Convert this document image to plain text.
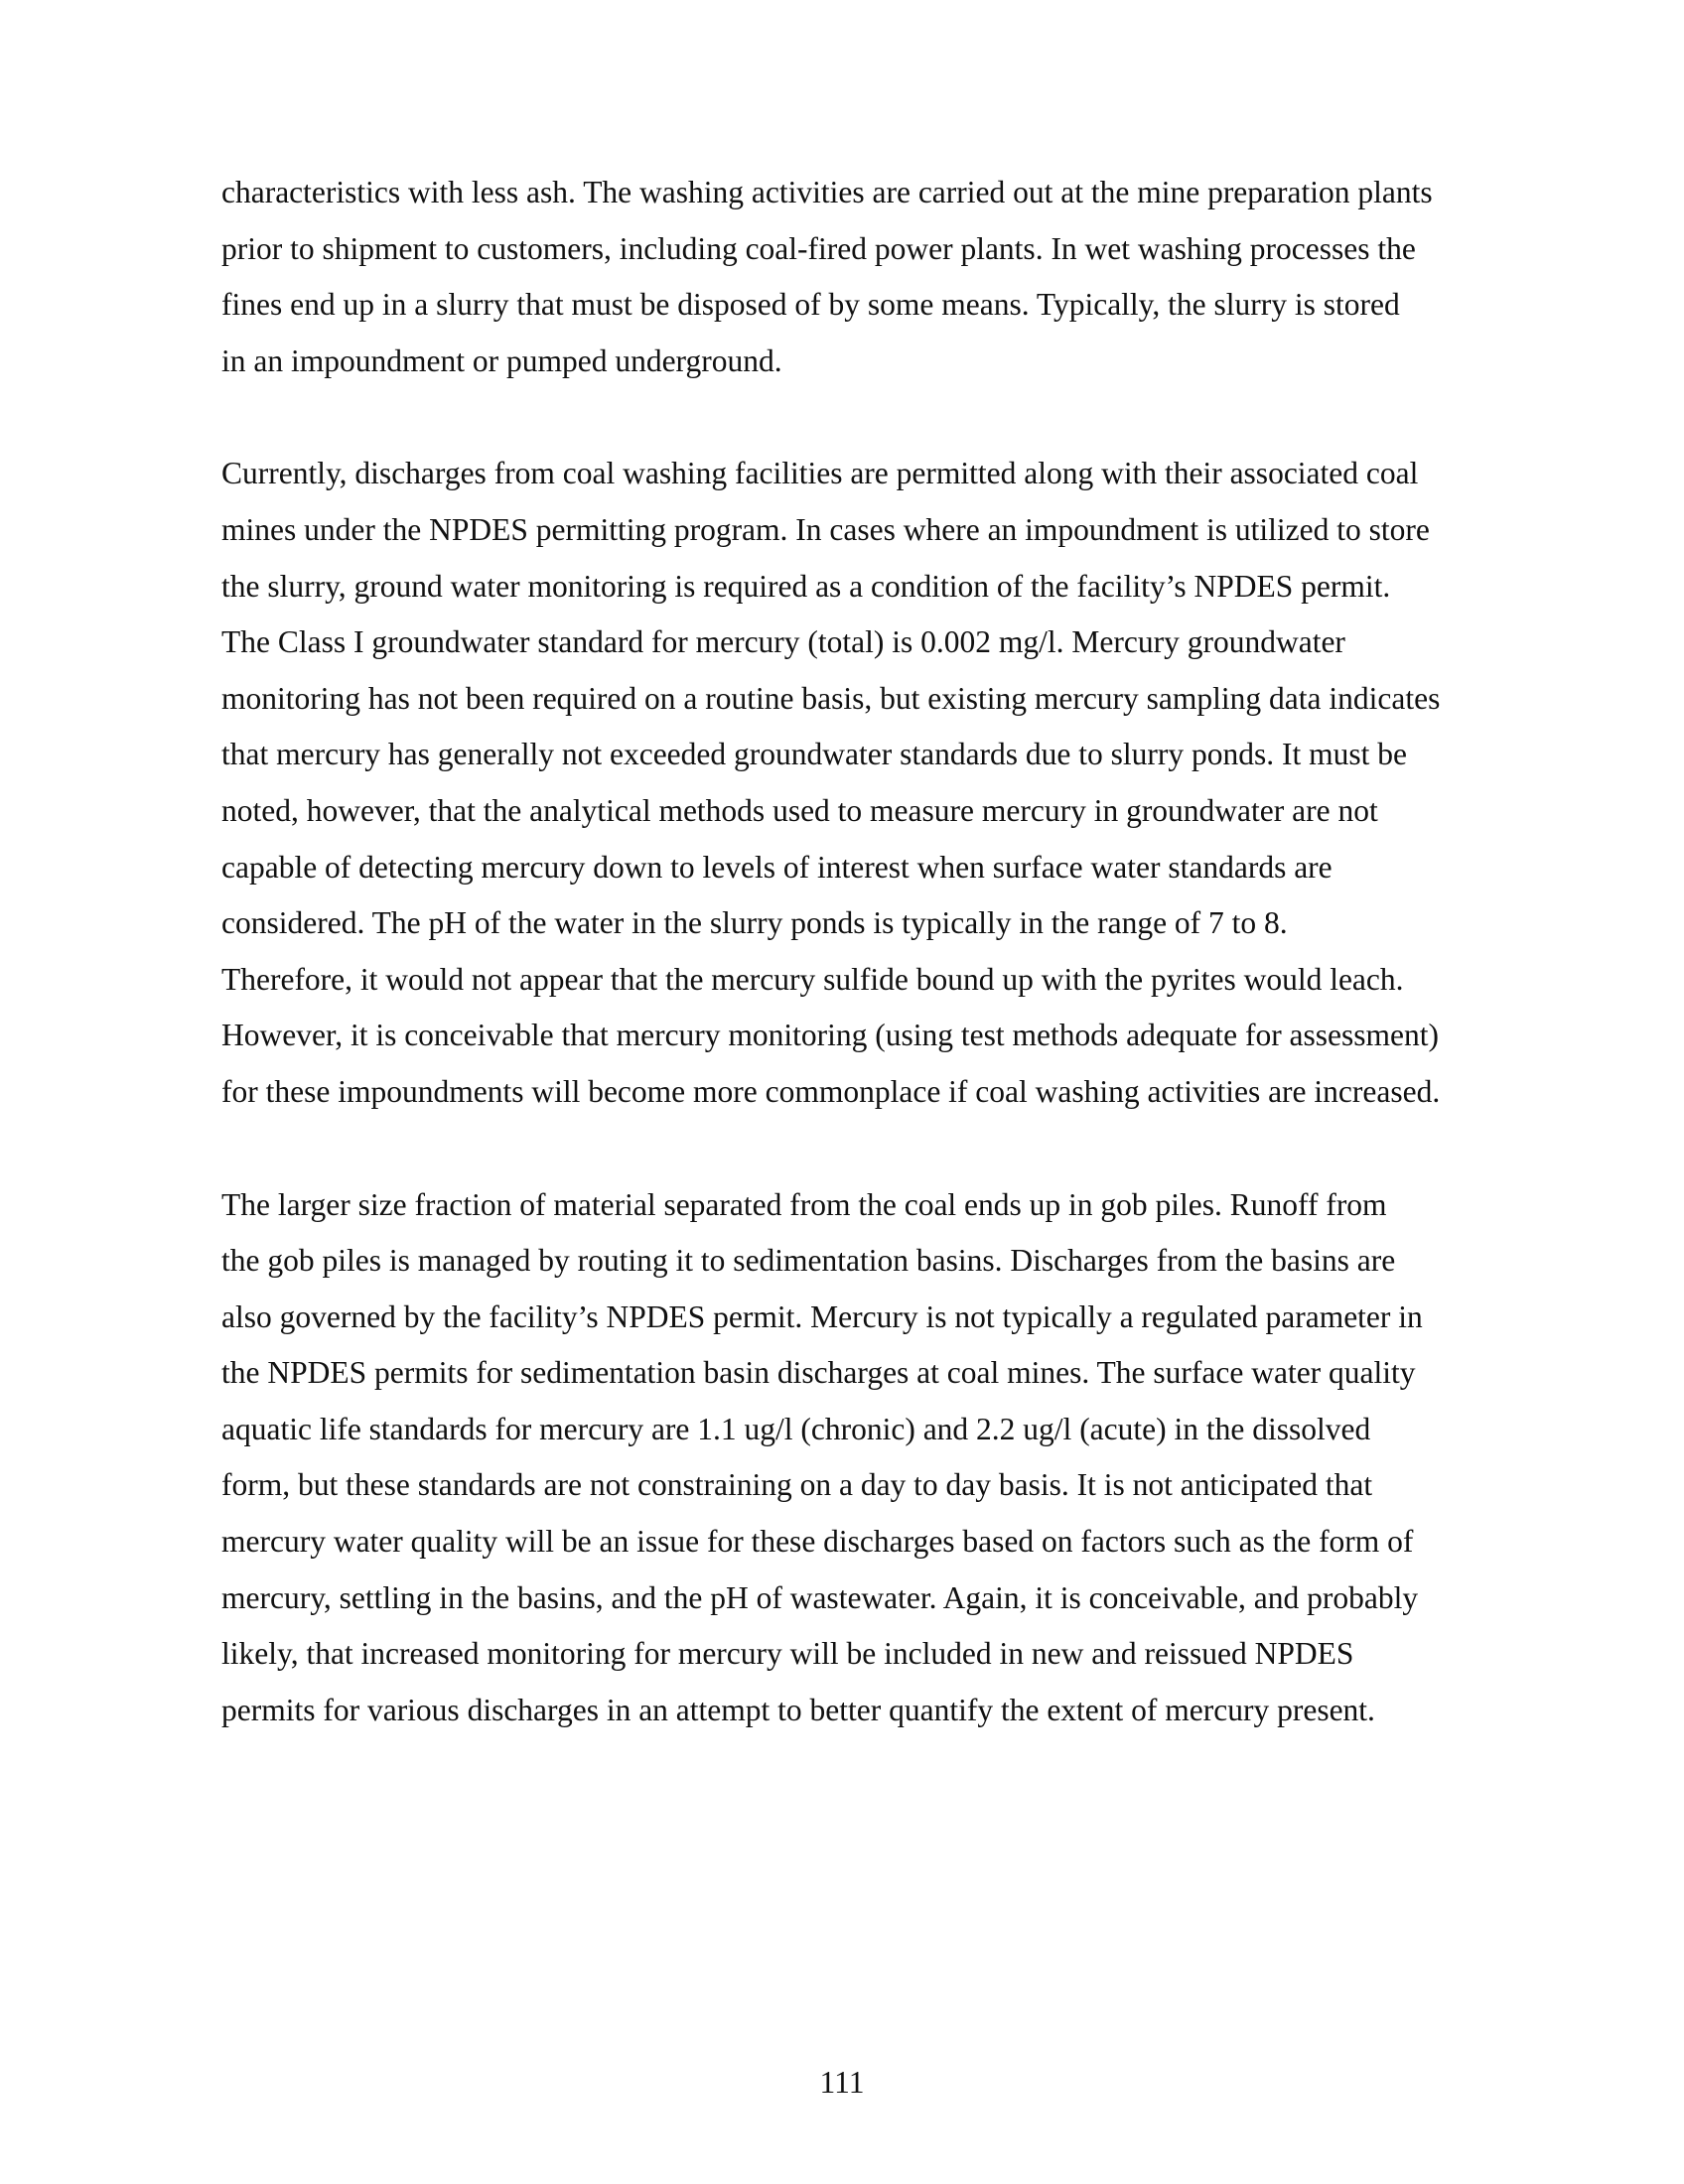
characteristics with less ash. The washing activities are carried out at the mine preparation plants
prior to shipment to customers, including coal-fired power plants. In wet washing processes the
fines end up in a slurry that must be disposed of by some means. Typically, the slurry is stored
in an impoundment or pumped underground.

Currently, discharges from coal washing facilities are permitted along with their associated coal
mines under the NPDES permitting program. In cases where an impoundment is utilized to store
the slurry, ground water monitoring is required as a condition of the facility’s NPDES permit.
The Class I groundwater standard for mercury (total) is 0.002 mg/l. Mercury groundwater
monitoring has not been required on a routine basis, but existing mercury sampling data indicates
that mercury has generally not exceeded groundwater standards due to slurry ponds. It must be
noted, however, that the analytical methods used to measure mercury in groundwater are not
capable of detecting mercury down to levels of interest when surface water standards are
considered. The pH of the water in the slurry ponds is typically in the range of 7 to 8.
Therefore, it would not appear that the mercury sulfide bound up with the pyrites would leach.
However, it is conceivable that mercury monitoring (using test methods adequate for assessment)
for these impoundments will become more commonplace if coal washing activities are increased.

The larger size fraction of material separated from the coal ends up in gob piles. Runoff from
the gob piles is managed by routing it to sedimentation basins. Discharges from the basins are
also governed by the facility’s NPDES permit. Mercury is not typically a regulated parameter in
the NPDES permits for sedimentation basin discharges at coal mines. The surface water quality
aquatic life standards for mercury are 1.1 ug/l (chronic) and 2.2 ug/l (acute) in the dissolved
form, but these standards are not constraining on a day to day basis. It is not anticipated that
mercury water quality will be an issue for these discharges based on factors such as the form of
mercury, settling in the basins, and the pH of wastewater. Again, it is conceivable, and probably
likely, that increased monitoring for mercury will be included in new and reissued NPDES
permits for various discharges in an attempt to better quantify the extent of mercury present.

111
